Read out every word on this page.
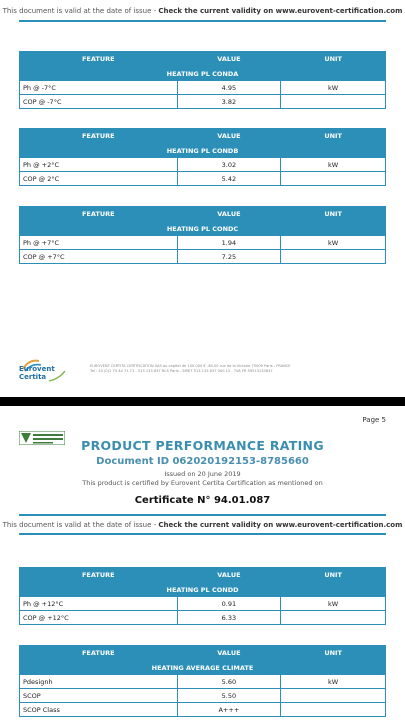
This document is valid at the date of issue - Check the current validity on www.eurovent-certification.com
FEATURE	VALUE	UNIT
HEATING PL CONDA		
Ph @ -7°C	4.95	kW
COP @ -7°C	3.82	
FEATURE	VALUE	UNIT
HEATING PL CONDB		
Ph @ +2°C	3.02	kW
COP @ 2°C	5.42	
FEATURE	VALUE	UNIT
HEATING PL CONDC		
Ph @ +7°C	1.94	kW
COP @ +7°C	7.25	
Eurovent
Certita
EUROVENT CERTITA CERTIFICATION SAS au capital de 100 000 € -48-50 rue de la Victoire 75009 Paris - FRANCE
Tel : 33 (0)1 75 44 71 71 - 513 133 637 RCS Paris - SIRET 513 133 637 000 15 - TVA FR 59513133637
Page 5
PRODUCT PERFORMANCE RATING
Document ID 062020192153-8785660
Issued on 20 June 2019
This product is certified by Eurovent Certita Certification as mentioned on
Certificate N° 94.01.087
This document is valid at the date of issue - Check the current validity on www.eurovent-certification.com
FEATURE	VALUE	UNIT
HEATING PL CONDD		
Ph @ +12°C	0.91	kW
COP @ +12°C	6.33	
FEATURE	VALUE	UNIT
HEATING AVERAGE CLIMATE		
Pdesignh	5.60	kW
SCOP	5.50	
SCOP Class	A+++	
